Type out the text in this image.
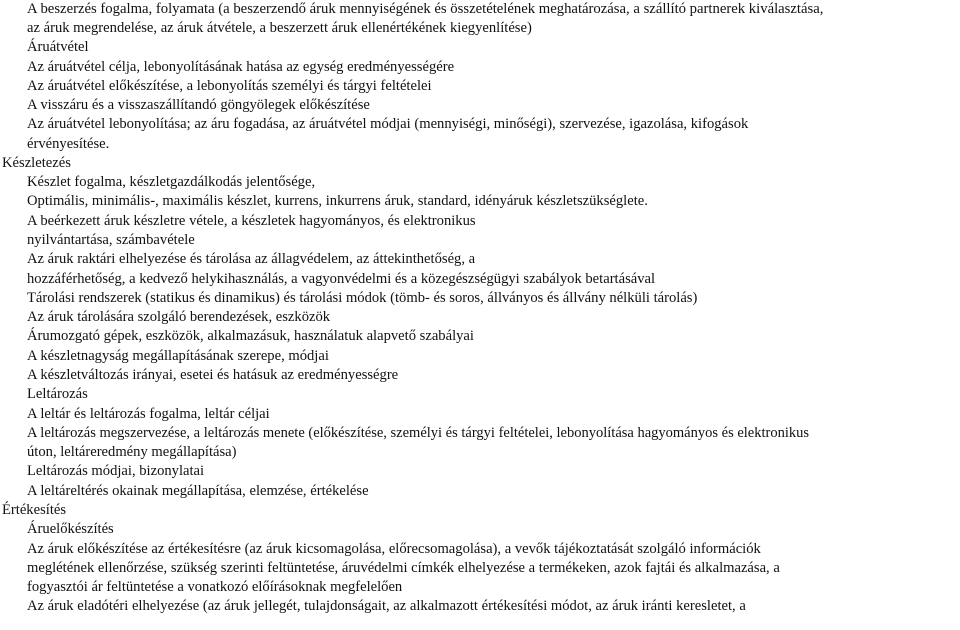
A beszerzés fogalma, folyamata (a beszerzendő áruk mennyiségének és összetételének meghatározása, a szállító partnerek kiválasztása,
az áruk megrendelése, az áruk átvétele, a beszerzett áruk ellenértékének kiegyenlítése)
Áruátvétel
Az áruátvétel célja, lebonyolításának hatása az egység eredményességére
Az áruátvétel előkészítése, a lebonyolítás személyi és tárgyi feltételei
A visszáru és a visszaszállítandó göngyölegek előkészítése
Az áruátvétel lebonyolítása; az áru fogadása, az áruátvétel módjai (mennyiségi, minőségi), szervezése, igazolása, kifogások
érvényesítése.
Készletezés
Készlet fogalma, készletgazdálkodás jelentősége,
Optimális, minimális-, maximális készlet, kurrens, inkurrens áruk, standard, idényáruk készletszükséglete.
A beérkezett áruk készletre vétele, a készletek hagyományos, és elektronikus
nyilvántartása, számbavétele
Az áruk raktári elhelyezése és tárolása az állagvédelem, az áttekinthetőség, a
hozzáférhetőség, a kedvező helykihasználás, a vagyonvédelmi és a közegészségügyi szabályok betartásával
Tárolási rendszerek (statikus és dinamikus) és tárolási módok (tömb- és soros, állványos és állvány nélküli tárolás)
Az áruk tárolására szolgáló berendezések, eszközök
Árumozgató gépek, eszközök, alkalmazásuk, használatuk alapvető szabályai
A készletnagyság megállapításának szerepe, módjai
A készletváltozás irányai, esetei és hatásuk az eredményességre
Leltározás
A leltár és leltározás fogalma, leltár céljai
A leltározás megszervezése, a leltározás menete (előkészítése, személyi és tárgyi feltételei, lebonyolítása hagyományos és elektronikus
úton, leltáreredmény megállapítása)
Leltározás módjai, bizonylatai
A leltáreltérés okainak megállapítása, elemzése, értékelése
Értékesítés
Áruelőkészítés
Az áruk előkészítése az értékesítésre (az áruk kicsomagolása, előrecsomagolása), a vevők tájékoztatását szolgáló információk
meglétének ellenőrzése, szükség szerinti feltüntetése, áruvédelmi címkék elhelyezése a termékeken, azok fajtái és alkalmazása, a
fogyasztói ár feltüntetése a vonatkozó előírásoknak megfelelően
Az áruk eladótéri elhelyezése (az áruk jellegét, tulajdonságait, az alkalmazott értékesítési módot, az áruk iránti keresletet, a
